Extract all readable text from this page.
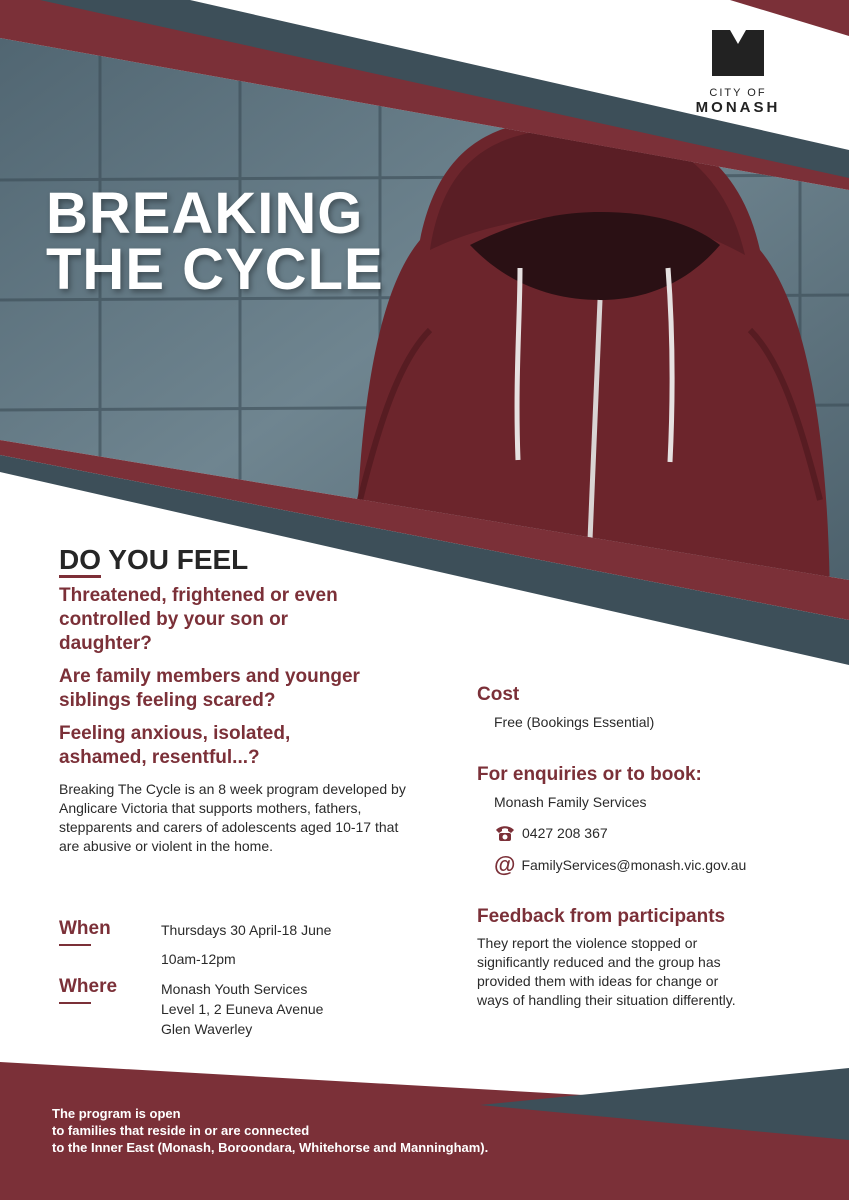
CITY OF
MONASH
BREAKING
THE CYCLE
DO YOU FEEL

Threatened, frightened or even controlled by your son or daughter?

Are family members and younger siblings feeling scared?

Feeling anxious, isolated, ashamed, resentful...?

Breaking The Cycle is an 8 week program developed by Anglicare Victoria that supports mothers, fathers, stepparents and carers of adolescents aged 10-17 that are abusive or violent in the home.

When	Thursdays 30 April-18 June
10am-12pm
Where	Monash Youth Services
Level 1, 2 Euneva Avenue
Glen Waverley
Cost

Free (Bookings Essential)

For enquiries or to book:

Monash Family Services

0427 208 367
@ FamilyServices@monash.vic.gov.au
Feedback from participants

They report the violence stopped or significantly reduced and the group has provided them with ideas for change or ways of handling their situation differently.

The program is open
to families that reside in or are connected
to the Inner East (Monash, Boroondara, Whitehorse and Manningham).
